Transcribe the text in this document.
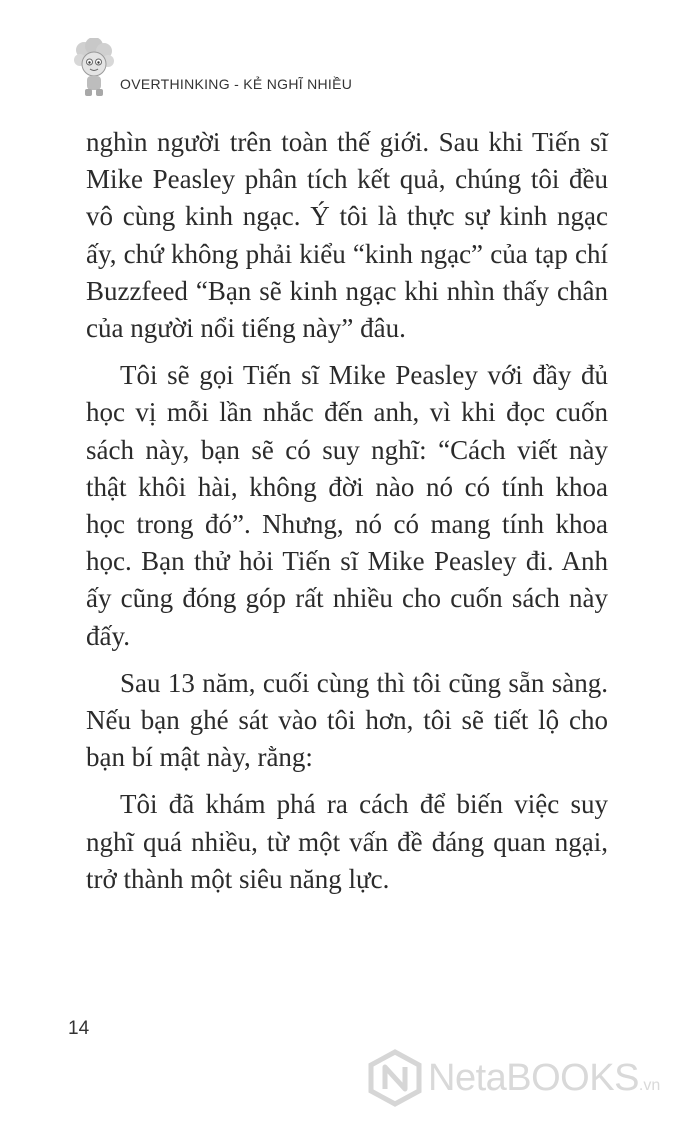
OVERTHINKING - KẺ NGHĨ NHIỀU

nghìn người trên toàn thế giới. Sau khi Tiến sĩ Mike Peasley phân tích kết quả, chúng tôi đều vô cùng kinh ngạc. Ý tôi là thực sự kinh ngạc ấy, chứ không phải kiểu “kinh ngạc” của tạp chí Buzzfeed “Bạn sẽ kinh ngạc khi nhìn thấy chân của người nổi tiếng này” đâu.

Tôi sẽ gọi Tiến sĩ Mike Peasley với đầy đủ học vị mỗi lần nhắc đến anh, vì khi đọc cuốn sách này, bạn sẽ có suy nghĩ: “Cách viết này thật khôi hài, không đời nào nó có tính khoa học trong đó”. Nhưng, nó có mang tính khoa học. Bạn thử hỏi Tiến sĩ Mike Peasley đi. Anh ấy cũng đóng góp rất nhiều cho cuốn sách này đấy.

Sau 13 năm, cuối cùng thì tôi cũng sẵn sàng. Nếu bạn ghé sát vào tôi hơn, tôi sẽ tiết lộ cho bạn bí mật này, rằng:

Tôi đã khám phá ra cách để biến việc suy nghĩ quá nhiều, từ một vấn đề đáng quan ngại, trở thành một siêu năng lực.

14
NetaBOOKS.vn
